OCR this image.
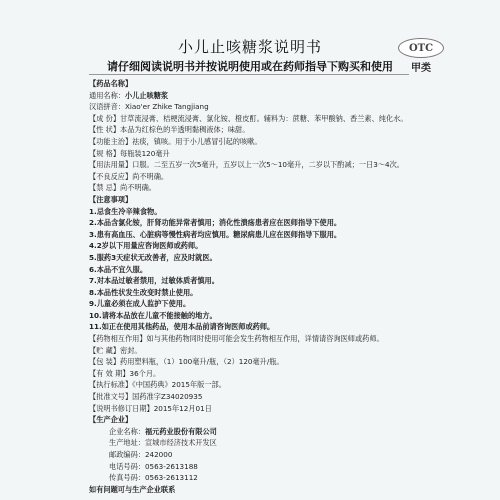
小儿止咳糖浆说明书	OTC
甲类
请仔细阅读说明书并按说明使用或在药师指导下购买和使用
【药品名称】
通用名称：小儿止咳糖浆
汉语拼音：Xiao'er Zhike Tangjiang
【成 份】甘草流浸膏、桔梗流浸膏、氯化铵、橙皮酊。辅料为：蔗糖、苯甲酸钠、香兰素、纯化水。
【性 状】本品为红棕色的半透明黏稠液体；味甜。
【功能主治】祛痰，镇咳。用于小儿感冒引起的咳嗽。
【规 格】每瓶装120毫升
【用法用量】口服。二至五岁一次5毫升，五岁以上一次5～10毫升，二岁以下酌减；一日3～4次。
【不良反应】尚不明确。
【禁 忌】尚不明确。
【注意事项】
1.忌食生冷辛辣食物。
2.本品含氯化铵，肝肾功能异常者慎用；消化性溃疡患者应在医师指导下使用。
3.患有高血压、心脏病等慢性病者均应慎用。糖尿病患儿应在医师指导下服用。
4.2岁以下用量应咨询医师或药师。
5.服药3天症状无改善者，应及时就医。
6.本品不宜久服。
7.对本品过敏者禁用，过敏体质者慎用。
8.本品性状发生改变时禁止使用。
9.儿童必须在成人监护下使用。
10.请将本品放在儿童不能接触的地方。
11.如正在使用其他药品，使用本品前请咨询医师或药师。
【药物相互作用】如与其他药物同时使用可能会发生药物相互作用，详情请咨询医师或药师。
【贮 藏】密封。
【包 装】药用塑料瓶，（1）100毫升/瓶，（2）120毫升/瓶。
【有 效 期】36个月。
【执行标准】《中国药典》2015年版一部。
【批准文号】国药准字Z34020935
【说明书修订日期】2015年12月01日
【生产企业】
企业名称：福元药业股份有限公司
生产地址：宣城市经济技术开发区
邮政编码：242000
电话号码：0563-2613188
传真号码：0563-2613112
如有问题可与生产企业联系
